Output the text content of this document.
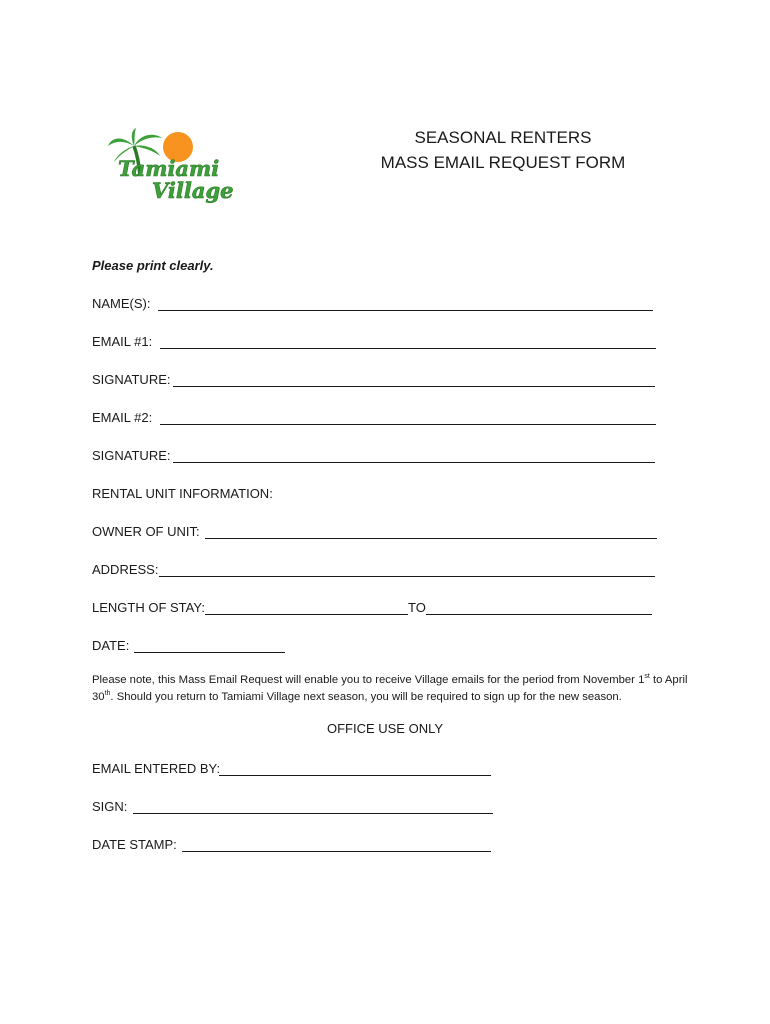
Tamiami
Village
SEASONAL RENTERS
MASS EMAIL REQUEST FORM
Please print clearly.
NAME(S):
EMAIL #1:
SIGNATURE:
EMAIL #2:
SIGNATURE:
RENTAL UNIT INFORMATION:
OWNER OF UNIT:
ADDRESS:
LENGTH OF STAY:	TO
DATE:
Please note, this Mass Email Request will enable you to receive Village emails for the period from November 1st to April 30th. Should you return to Tamiami Village next season, you will be required to sign up for the new season.
OFFICE USE ONLY
EMAIL ENTERED BY:
SIGN:
DATE STAMP:
